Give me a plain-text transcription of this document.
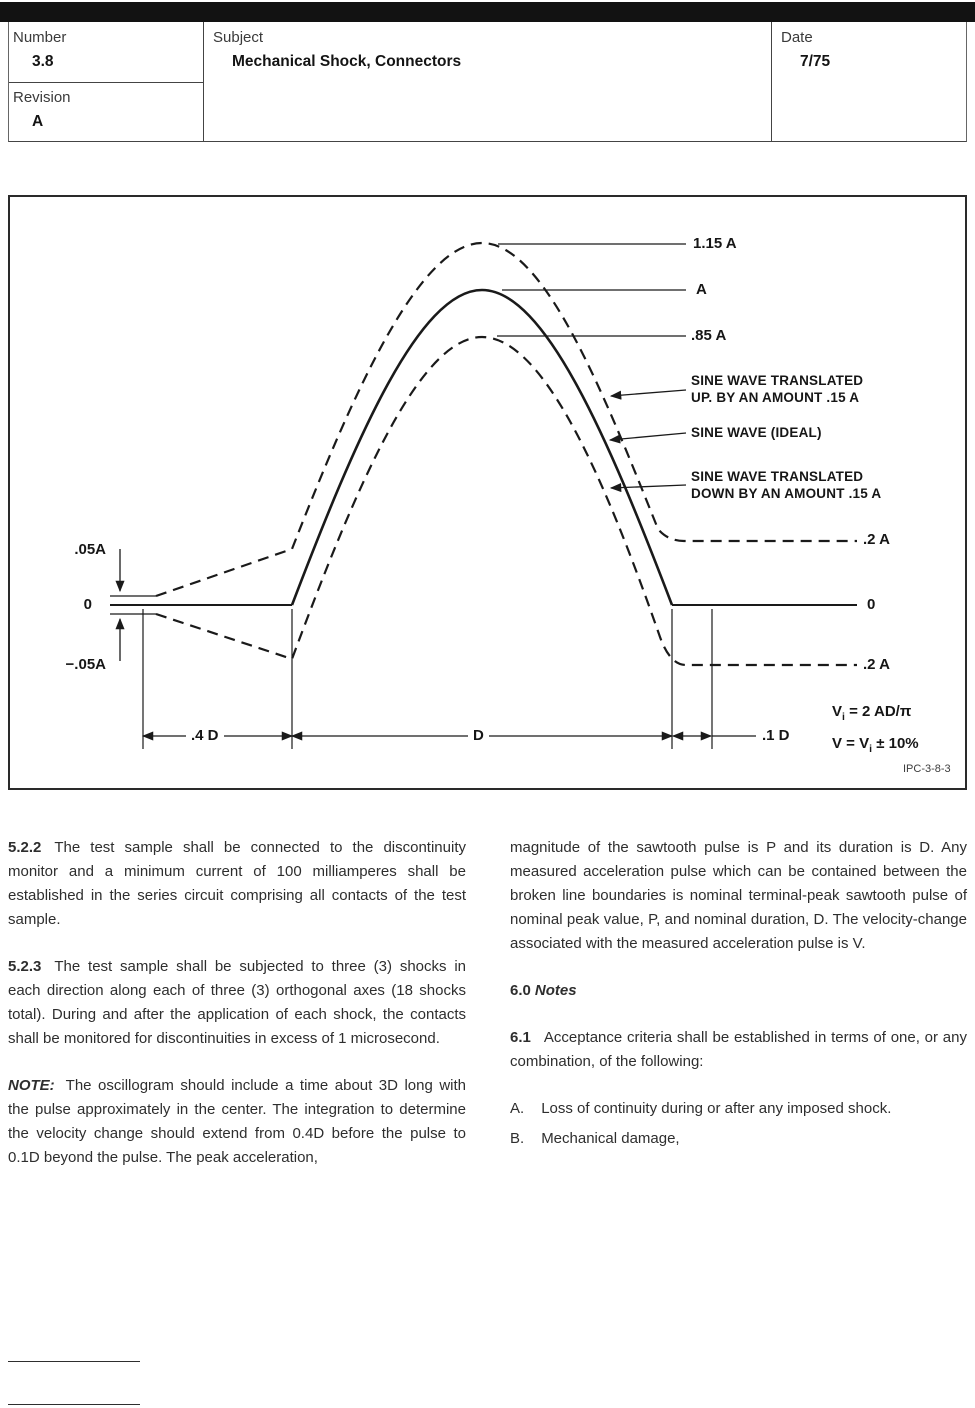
Number
3.8
Revision
A
Subject
Mechanical Shock, Connectors
Date
7/75
1.15 A
A
.85 A
SINE WAVE TRANSLATED
UP. BY AN AMOUNT .15 A
SINE WAVE (IDEAL)
SINE WAVE TRANSLATED
DOWN BY AN AMOUNT .15 A
.2 A
0
.2 A
.05A
0
−.05A
.4 D	D	.1 D
$V_i = 2$ AD/π
$V = V_i \pm 10\%$
IPC-3-8-3

5.2.2 The test sample shall be connected to the discontinuity monitor and a minimum current of 100 milliamperes shall be established in the series circuit comprising all contacts of the test sample.

5.2.3 The test sample shall be subjected to three (3) shocks in each direction along each of three (3) orthogonal axes (18 shocks total). During and after the application of each shock, the contacts shall be monitored for discontinuities in excess of 1 microsecond.

NOTE: The oscillogram should include a time about 3D long with the pulse approximately in the center. The integration to determine the velocity change should extend from 0.4D before the pulse to 0.1D beyond the pulse. The peak acceleration,

magnitude of the sawtooth pulse is P and its duration is D. Any measured acceleration pulse which can be contained between the broken line boundaries is nominal terminal-peak sawtooth pulse of nominal peak value, P, and nominal duration, D. The velocity-change associated with the measured acceleration pulse is V.

6.0 Notes

6.1 Acceptance criteria shall be established in terms of one, or any combination, of the following:

A. Loss of continuity during or after any imposed shock.
B. Mechanical damage,
